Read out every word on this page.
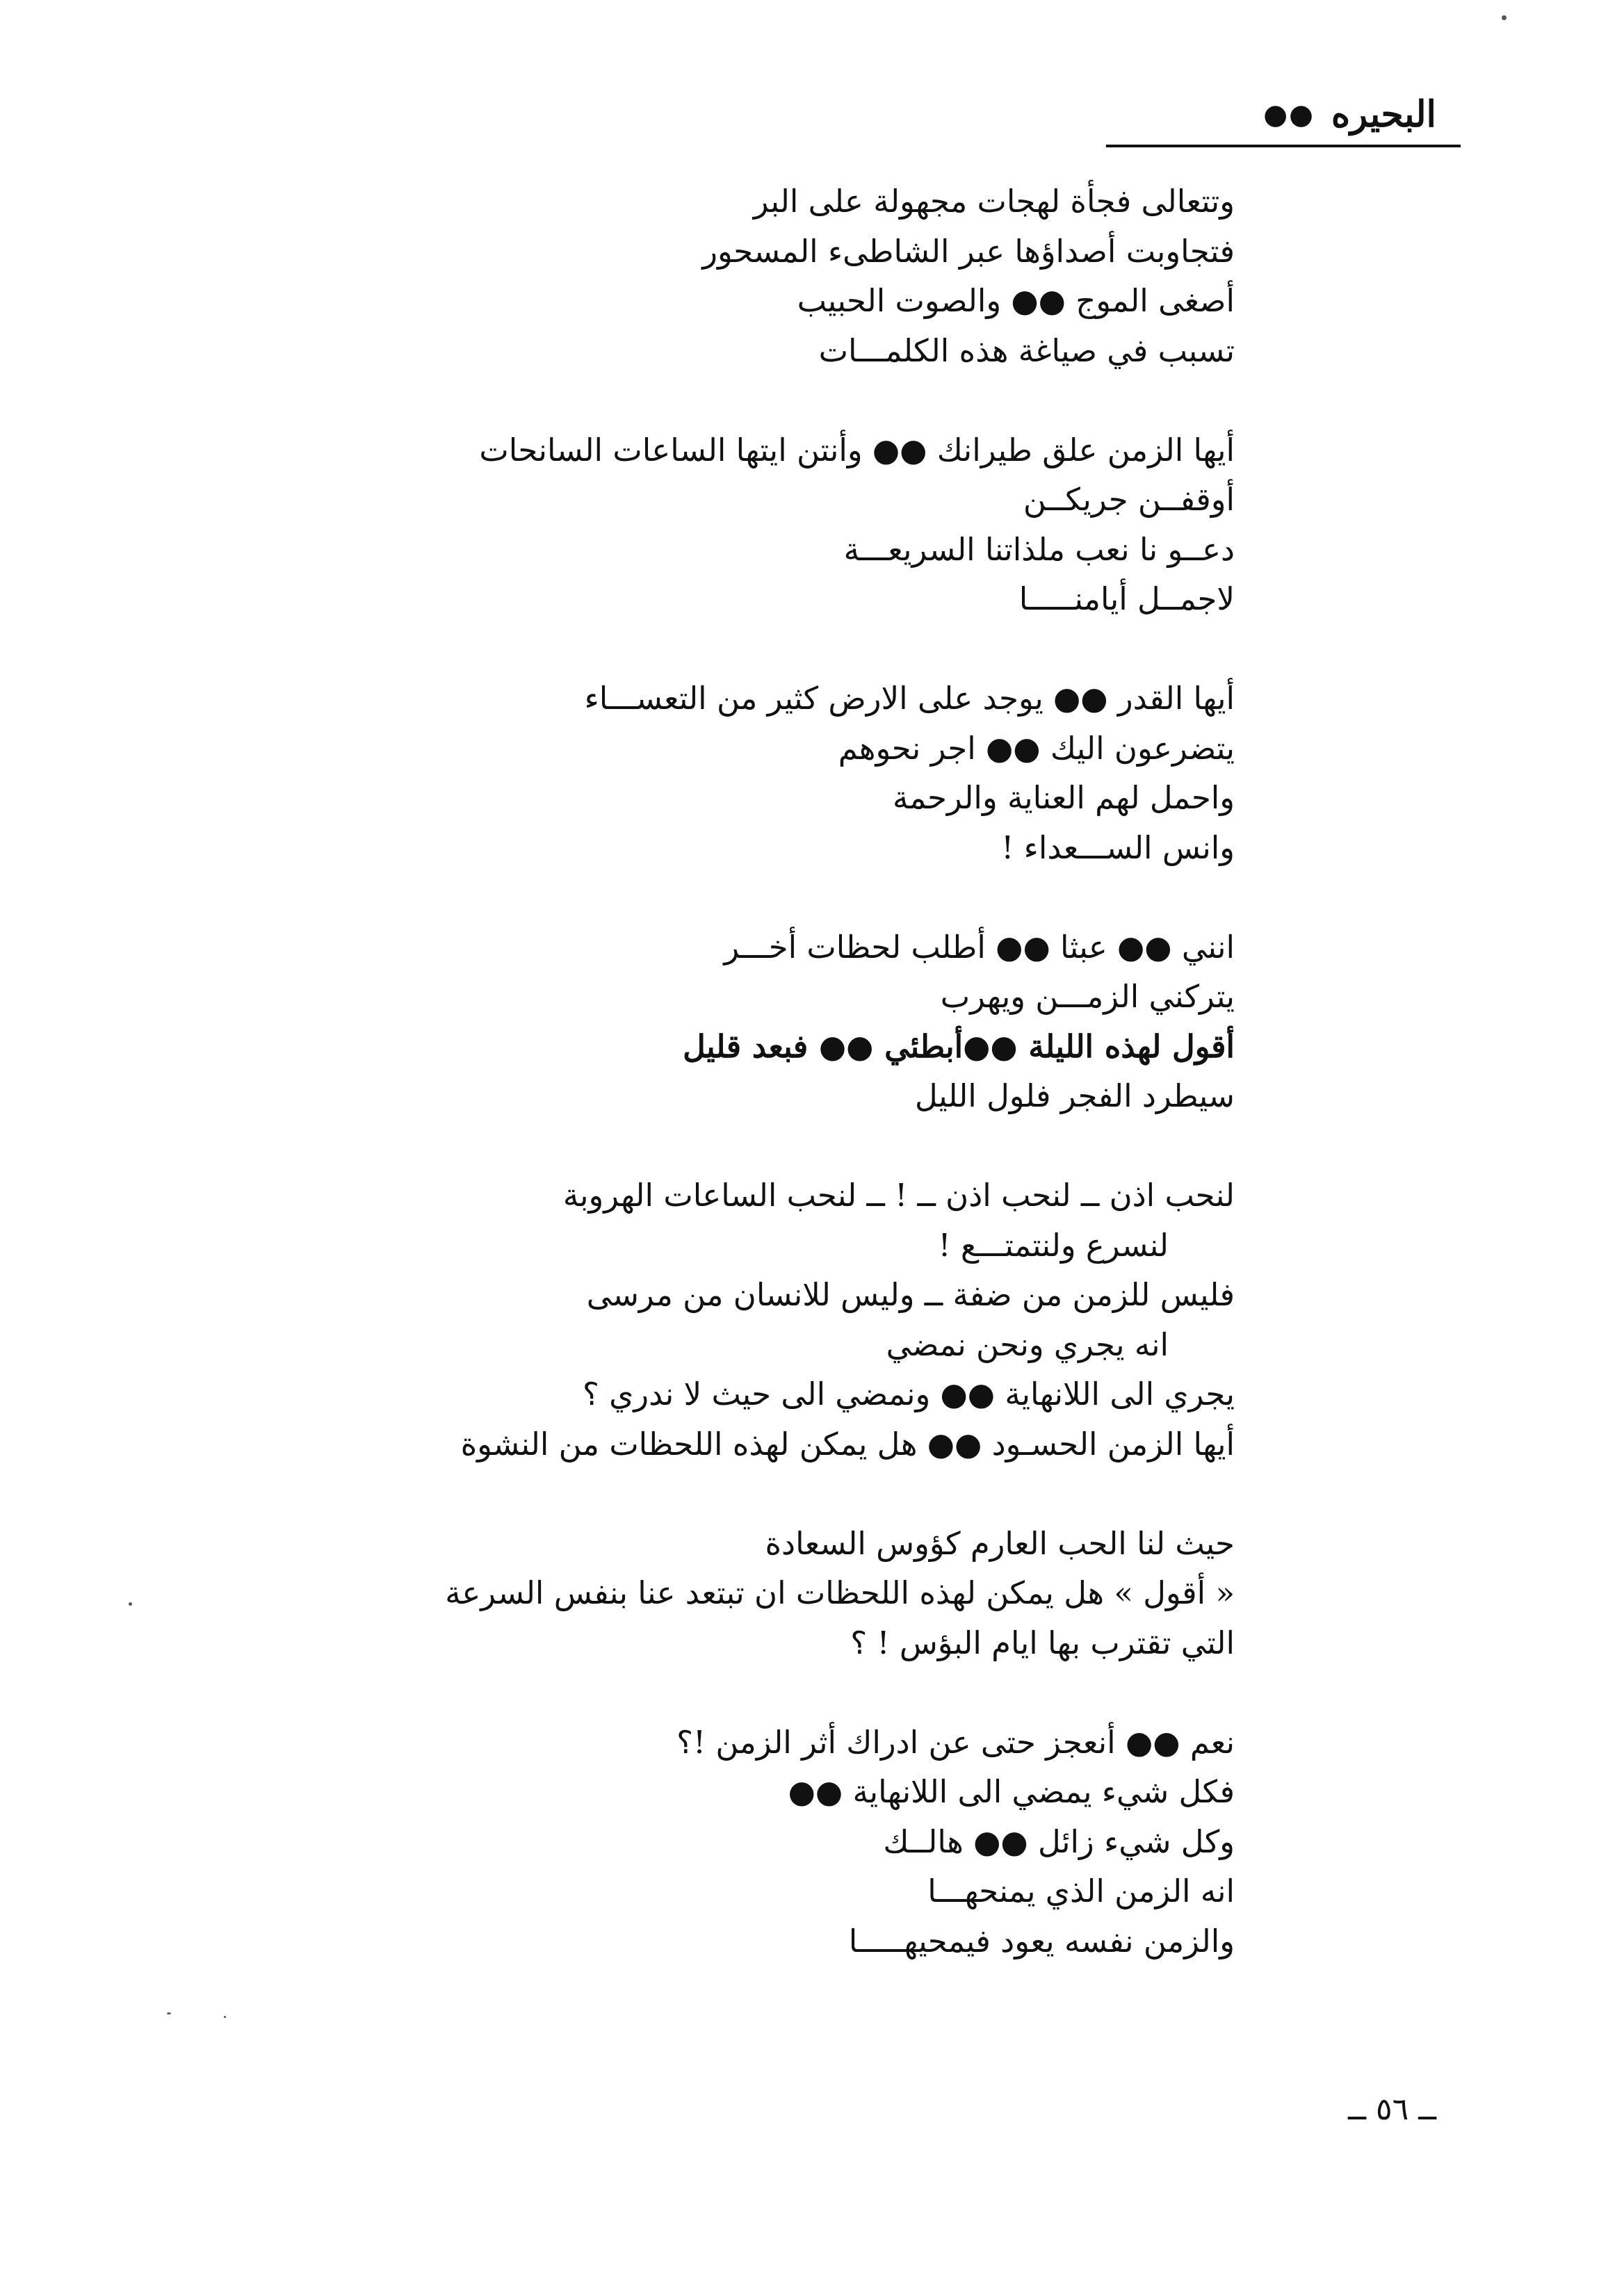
البحيره
●●
وتتعالى فجأة لهجات مجهولة على البر
فتجاوبت أصداؤها عبر الشاطىء المسحور
أصغى الموج ●● والصوت الحبيب
تسبب في صياغة هذه الكلمـــات
أيها الزمن علق طيرانك ●● وأنتن ايتها الساعات السانحات
أوقفــن جريكــن
دعــو نا نعب ملذاتنا السريعـــة
لاجمــل أيامنـــــا
أيها القدر ●● يوجد على الارض كثير من التعســـاء
يتضرعون اليك ●● اجر نحوهم
واحمل لهم العناية والرحمة
وانس الســـعداء !
انني ●● عبثا ●● أطلب لحظات أخـــر
يتركني الزمـــن ويهرب
أقول لهذه الليلة ●●أبطئي ●● فبعد قليل
سيطرد الفجر فلول الليل
لنحب اذن ــ لنحب اذن ــ ! ــ لنحب الساعات الهروبة
لنسرع ولنتمتـــع !
فليس للزمن من ضفة ــ وليس للانسان من مرسى
انه يجري ونحن نمضي
يجري الى اللانهاية ●● ونمضي الى حيث لا ندري ؟
أيها الزمن الحسـود ●● هل يمكن لهذه اللحظات من النشوة
حيث لنا الحب العارم كؤوس السعادة
« أقول » هل يمكن لهذه اللحظات ان تبتعد عنا بنفس السرعة
التي تقترب بها ايام البؤس ! ؟
نعم ●● أنعجز حتى عن ادراك أثر الزمن !؟
فكل شيء يمضي الى اللانهاية ●●
وكل شيء زائل ●● هالــك
انه الزمن الذي يمنحهـــا
والزمن نفسه يعود فيمحيهـــــا
ــ ٥٦ ــ
